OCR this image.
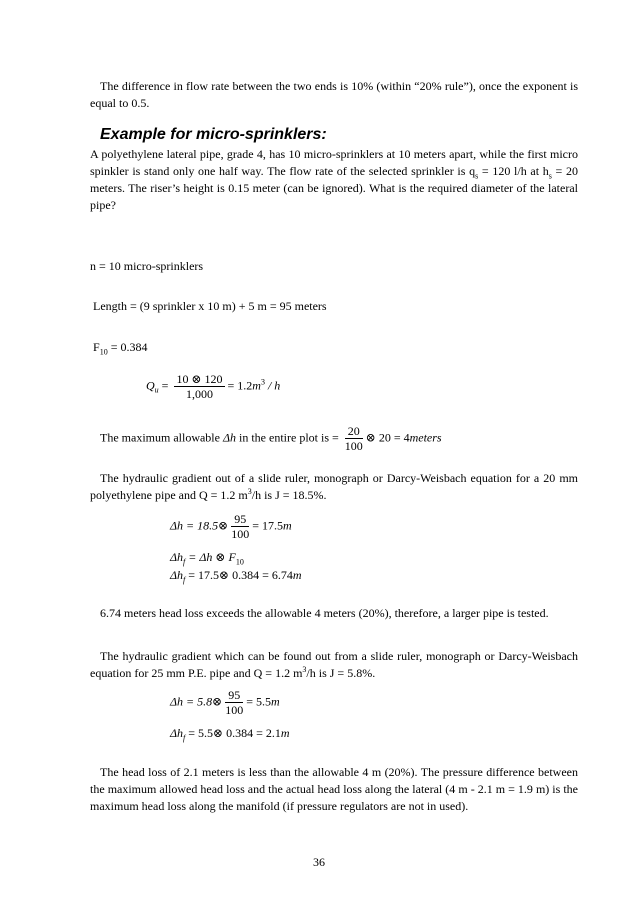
The difference in flow rate between the two ends is 10% (within “20% rule”), once the exponent is equal to 0.5.

Example for micro-sprinklers:

A polyethylene lateral pipe, grade 4, has 10 micro-sprinklers at 10 meters apart, while the first micro spinkler is stand only one half way. The flow rate of the selected sprinkler is $q_s = 120$ l/h at $h_s = 20$ meters. The riser’s height is 0.15 meter (can be ignored). What is the required diameter of the lateral pipe?

n = 10 micro-sprinklers

Length = (9 sprinkler x 10 m) + 5 m = 95 meters

$F_{10} = 0.384$

$Q_u = \frac{10 \otimes 120}{1,000} = 1.2m^3 / h$
The maximum allowable Δh in the entire plot is = $\frac{20}{100}$ ⊗ 20 = 4meters

The hydraulic gradient out of a slide ruler, monograph or Darcy-Weisbach equation for a 20 mm polyethylene pipe and Q = 1.2 $m^3/h$ is J = 18.5%.

Δh = 18.5⊗ $\frac{95}{100} = 17.5m$
$\Delta h_f = \Delta h$ ⊗ $F_{10}$
$\Delta h_f$ = 17.5⊗ 0.384 = 6.74m

6.74 meters head loss exceeds the allowable 4 meters (20%), therefore, a larger pipe is tested.

The hydraulic gradient which can be found out from a slide ruler, monograph or Darcy-Weisbach equation for 25 mm P.E. pipe and Q = 1.2 $m^3/h$ is J = 5.8%.

Δh = 5.8⊗ $\frac{95}{100} = 5.5m$
$\Delta h_f$ = 5.5⊗ 0.384 = 2.1m

The head loss of 2.1 meters is less than the allowable 4 m (20%). The pressure difference between the maximum allowed head loss and the actual head loss along the lateral (4 m - 2.1 m = 1.9 m) is the maximum head loss along the manifold (if pressure regulators are not in used).

36
